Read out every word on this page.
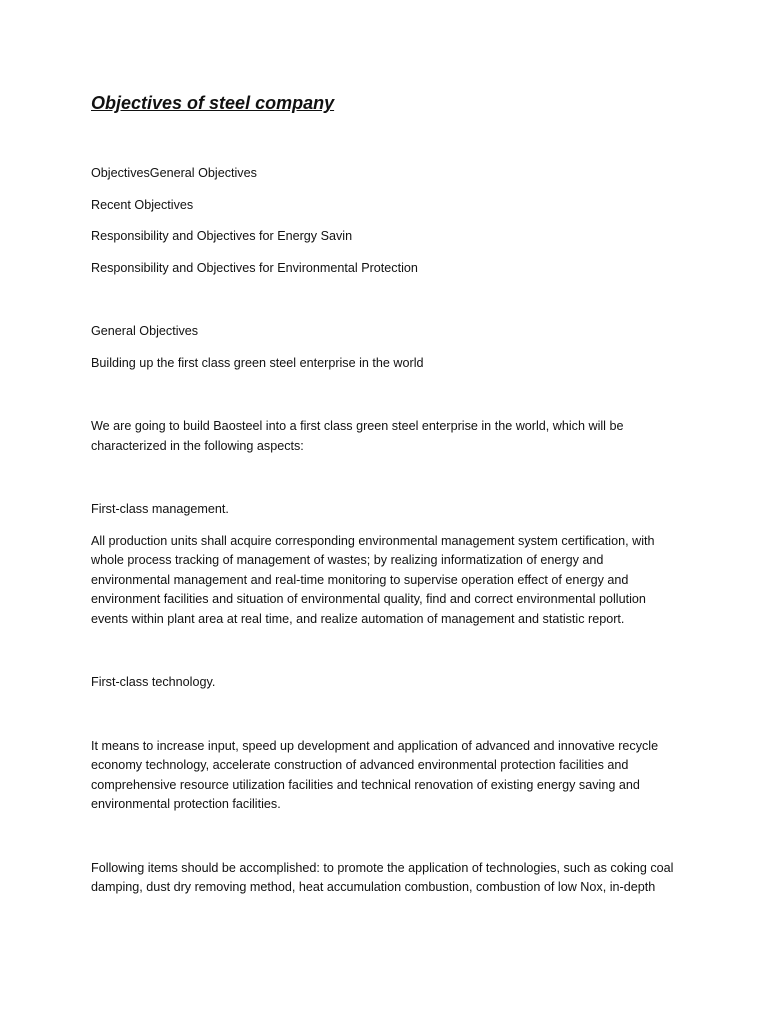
Objectives of steel company

ObjectivesGeneral Objectives

Recent Objectives

Responsibility and Objectives for Energy Savin

Responsibility and Objectives for Environmental Protection

General Objectives

Building up the first class green steel enterprise in the world

We are going to build Baosteel into a first class green steel enterprise in the world, which will be characterized in the following aspects:

First-class management.

All production units shall acquire corresponding environmental management system certification, with whole process tracking of management of wastes; by realizing informatization of energy and environmental management and real-time monitoring to supervise operation effect of energy and environment facilities and situation of environmental quality, find and correct environmental pollution events within plant area at real time, and realize automation of management and statistic report.

First-class technology.

It means to increase input, speed up development and application of advanced and innovative recycle economy technology, accelerate construction of advanced environmental protection facilities and comprehensive resource utilization facilities and technical renovation of existing energy saving and environmental protection facilities.

Following items should be accomplished: to promote the application of technologies, such as coking coal damping, dust dry removing method, heat accumulation combustion, combustion of low Nox, in-depth
